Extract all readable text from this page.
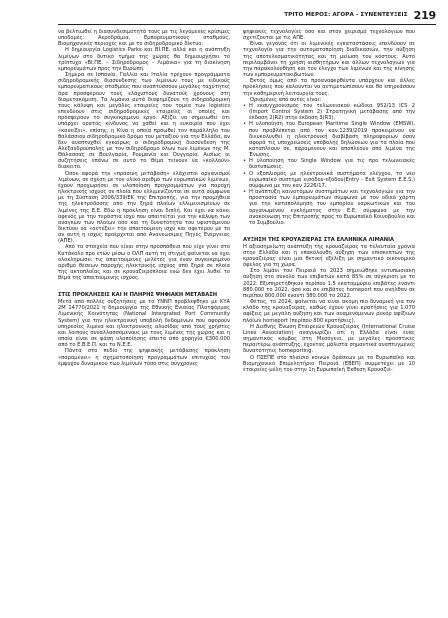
ΤΡΙΤΟ ΜΕΡΟΣ: ΑΓΟΡΑ - ΣΥΝΕΝΤΕΥΞΕΙΣ 219

να βελτιωθεί η διασυνδεσιμότητά τους με τις λεγόμενες κρίσιμες υποδομές: Αεροδρόμια, Εμπορευματικούς σταθμούς, Βιομηχανικές περιοχές και με το σιδηροδρομικό δίκτυο.

Η δημιουργία Logistics Parks και ΒΙ.ΠΕ. αλλά και η ανάπτυξη λιμένων στο δυτικό τμήμα της χώρας θα δημιουργήσει το τρίπτυχο «ΒΙ.ΠΕ. – Σιδηρόδρομος – Λιμάνια» για τη διακίνηση εμπορευμάτων προς την Ευρώπη.

Σήμερα σε Ισπανία, Γαλλία και Ιταλία τρέχουν προγράμματα σιδηροδρομικής διασύνδεσης των λιμένων τους με ειδικούς εμπορευματικούς σταθμούς που αναπτύσσουν μεγάλες ταχύτητες άρα προσφέρουν τους ελάχιστους δυνατούς χρόνους στη διαμετακόμιση. Τα λιμάνια αυτά διαφημίζουν τη σιδηροδρομική τους κάλυψη και μεγάλες εταιρείες του τομέα των logistics επενδύουν στις σιδηροδρομικές εταιρείες οι οποίες και προσφέρουν το συγκεκριμένο έργο. Αξίζει να σημειωθεί ότι υπάρχει ορατός κίνδυνος να χαθεί και η ευκαιρία που έχει «κανείξει», επίσης, η Κίνα η οποία προωθεί τον παράλληλο του θαλάσσιου σιδηροδρομικό δρόμο του μεταξιού για την Ελλάδα, αν δεν αναπτυχθεί εγκαίρως ο σιδηροδρομική διασύνδεση της Αλεξανδρούπολης με τον σιδηρόδρομο όλων των λιμένων της Μ. Θάλασσας σε Βουλγαρία, Ρουμανία και Ουγγαρία. Αισίως οι συζητήσεις επάνω σε αυτό το θέμα τείνουν να «κολλούν» διακειτο.

Όσον αφορά την «πράσινη μετάβαση» ελάχιστοι οργανισμοί λιμένων, σε σχέση με τον υλικό αριθμό των ευρωπαϊκών λιμένων, έχουν προχωρήσει σε υλοποίηση προγραμμάτων για παροχή ηλεκτρικής ισχύος σε πλοία που ελλιμενίζονται σε αυτά σύμφωνα με τη Σύσταση 2006/339/ΕΚ της Επιτροπής, για την προμήθεια της ηλεκτρόδοσης από την ξηρά πλοίων ελλιμενισμένων σε λιμένες της Ε.Ε. Εδώ η πρόκληση είναι διπλή. Και έχει να κάνει αφενός με την τεράστια ισχύ που απαιτείται για την κάλυψη των αναγκών των πλοίων όσο και τη δυνατότητα του υφιστάμενου δικτύου να «αντέξει» την απαιτούμενη ισχύ και αφετέρου με το αν αυτή η ισχύς προέρχεται από Ανανεώσιμες Πηγές Ενέργειας (ΑΠΕ).

Από τα στοιχεία που είναι στην προσπάθεια που είχε γίνει στο Κατάκολο προ ετών μέσω ο ΟΛΠ αυτή τη στιγμή φαίνεται να έχει ολοκληρώσει τις απαιτούμενες μελέτες για έναν συγκεκριμένο αριθμό θέσεων παροχής ηλεκτρικής ισχύος από ξηρά σε πλοία της ακτοπλοΐας και σε κρουαζιερόπλοια ενώ δεν έχει λυθεί το θέμα της απαιτούμενης ισχύος.

ΣΤΙΣ ΠΡΟΚΛΗΣΕΙΣ ΚΑΙ Η ΠΛΗΡΗΣ ΨΗΦΙΑΚΗ ΜΕΤΑΒΑΣΗ

Μετά από πολλές συζητήσεις με το ΥΝΝΠ προβλέφθηκε με ΚΥΑ 2Μ 14770/2021 η δημιουργία της Εθνικής Ενιαίας Πλατφόρμας Λιμενικής Κοινότητας (National Intergrated Port Community System) για την ηλεκτρονική υποβολή δεδομένων που αφορούν υπηρεσίες λιμένα και ηλεκτρονικής αλυσίδας από τους χρήστες και λοιπούς συναλλασσόμενους με τους λιμένες της χώρας και η οποία είναι σε φάση υλοποίησης έπειτα από χορηγία €300.000 από το Ε.Β.Ε.Π. και το Ν.Ε.Ε.

Πάντα στο πεδίο της ψηφιακής μετάβασης πρόκληση «παραμένει» η σχηματοποίηση προγραμμάτων επιτυχίας του έμψυχου δυναμικού των λιμένων τόσο στις σύγχρονες

ψηφιακές τεχνολογίες όσο και στον χειρισμό τεχνολογιών που σχετίζονται με τις ΑΠΕ.

Είναι γεγονός ότι οι λιμενικές εγκαταστάσεις επενδύουν σε τεχνολογία για την αυτοματοποίηση διαδικασιών, την αύξηση της αποτελεσματικότητας και τη μείωση του κόστους. Αυτό περιλαμβάνει τη χρήση αισθητήρων και άλλων τεχνολογιών για την παρακολούθηση και τον έλεγχο των λιμένων και της κίνησης των εμπορευματοκιβωτίων.

Εκτός όμως από τα προαναφερθέντα υπάρχουν και άλλες προκλήσεις που καλούνται να αντιμετωπίσουν και θα επηρεάσουν την καθημερινή λειτουργία τους.

Ορισμένες από αυτές είναι:

• Η εκσυγχρονισμός του τελωνειακού κώδικα 952/13 ICS 2 (Import Control System 2) Στρατηγική μετάβασης από την έκδοση 2(R2) στην έκδοση 3(R3).

• Η υλοποίηση του European Maritime Single Window (EMSW), που προβλέπεται από τον καν.1239/2019 προκειμένου να διευκολυνθεί η ηλεκτρονική διαβίβαση πληροφοριών όσον αφορά τις υποχρεώσεις υποβολής δηλώσεων για τα πλοία που καταπλέουν σε, παραμένουν και αποπλέουν από λιμένα της Ένωσης.

• Η υλοποίηση του Single Window για τις προ τελωνειακές διατυπώσεις.

• Ο εξοπλισμός με ηλεκτρονικά συστήματα ελέγχου, το νέο ευρωπαϊκό σύστημα εισόδου-εξόδου(Entry - Exit System E.E.S.) σύμφωνα με τον καν 2226/17.

• Η ανάπτυξη καινοτόμων συστημάτων και τεχνολογιών για την προστασία των εμπορευμάτων σύμφωνα με τον οδικό χάρτη για την καταπολέμηση του εμπορίου ναρκωτικών και του οργανωμένου εγκλήματος στην Ε.Ε. σύμφωνα με την ανακοίνωση της Επιτροπής προς το Ευρωπαϊκό Κοινοβούλιο και το Συμβούλιο.

ΑΥΞΗΣΗ ΤΗΣ ΚΡΟΥΑΖΙΕΡΑΣ ΣΤΑ ΕΛΛΗΝΙΚΑ ΛΙΜΑΝΙΑ

Η αξιοσημείωτη ανάπτυξη της κρουαζιέρας τα τελευταία χρόνια στην Ελλάδα και η επακόλουθη αύξηση των επισκεπτών της κρουαζιέρας είναι μια θετική εξέλιξη με σημαντικό οικονομικό όφελος για τη χώρα.

Στο λιμάνι του Πειραιά το 2023 σημειώθηκε εντυπωσιακή αύξηση στο σύνολο των επιβατών κατά 85% σε σύγκριση με το 2022. Εξυπηρετήθηκαν περίπου 1,5 εκατομμύριο επιβάτες έναντι 880.000 το 2022, όσο και σε επιβάτες homeport που ανήλθαν σε περίπου 800.000 έναντι 380.000 το 2022.

Φέτος, το 2024, φαίνεται να είναι ακόμη πιο δυναμική για τον κλάδο της κρουαζιέρας, καθώς έχουν γίνει κρατήσεις για 1.070 αφίξεις με μεγάλη αύξηση και των αναμενόμενων ρεκόρ αφίξεων πλοίων homeport (περίπου 800 κρατήσεις).

Η Διεθνής Ένωση Εταιρειών Κρουαζιέρας (International Cruise Lines Association) αναγνωρίζει ότι η Ελλάδα είναι ένας σημαντικός κόμβος στη Μεσόγειο, με μεγάλες προοπτικές περαιτέρω ανάπτυξης, έχοντας μάλιστα σημαντικά αναπτυγμένες δυνατότητες homeporting.

Ο ΠΣΕΠΕ στο πλαίσιο κοινών δράσεων με το Ευρωπαϊκό και Βιομηχανικό Επιμελητήριο Πειραιά (ΕΒΕΠ) συμμετέχει με 10 εταιρείες-μέλη του στην 1η Ευρωπαϊκή Έκθεση Κρουαζιέ-
